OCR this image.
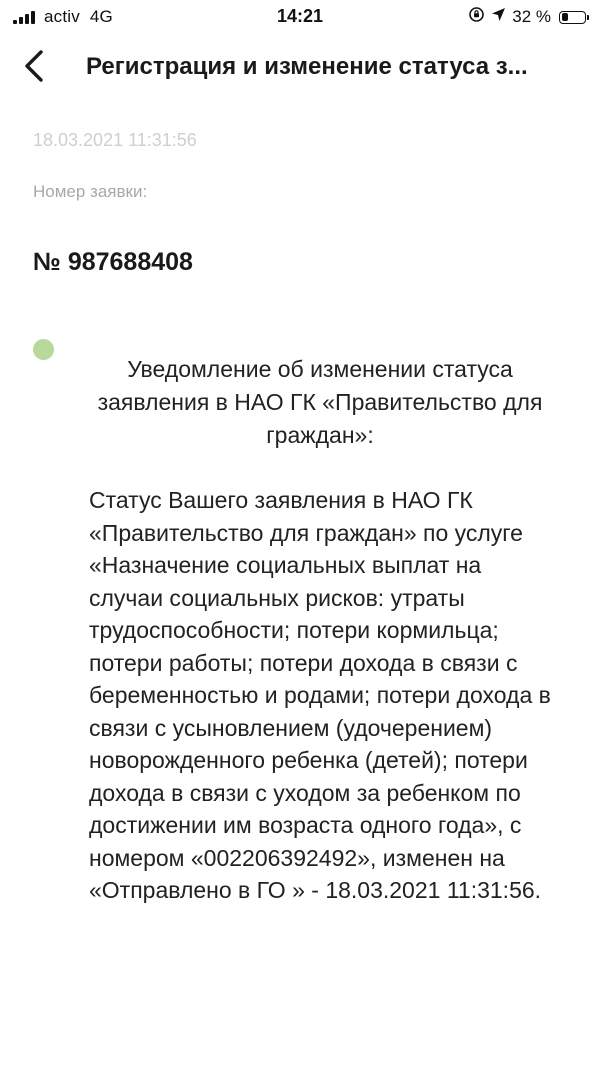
activ 4G	14:21	32 %
Регистрация и изменение статуса з...
18.03.2021 11:31:56
Номер заявки:
№ 987688408
Уведомление об изменении статуса заявления в НАО ГК «Правительство для граждан»:
Статус Вашего заявления в НАО ГК «Правительство для граждан» по услуге «Назначение социальных выплат на случаи социальных рисков: утраты трудоспособности; потери кормильца; потери работы; потери дохода в связи с беременностью и родами; потери дохода в связи с усыновлением (удочерением) новорожденного ребенка (детей); потери дохода в связи с уходом за ребенком по достижении им возраста одного года», с номером «002206392492», изменен на «Отправлено в ГО » - 18.03.2021 11:31:56.
